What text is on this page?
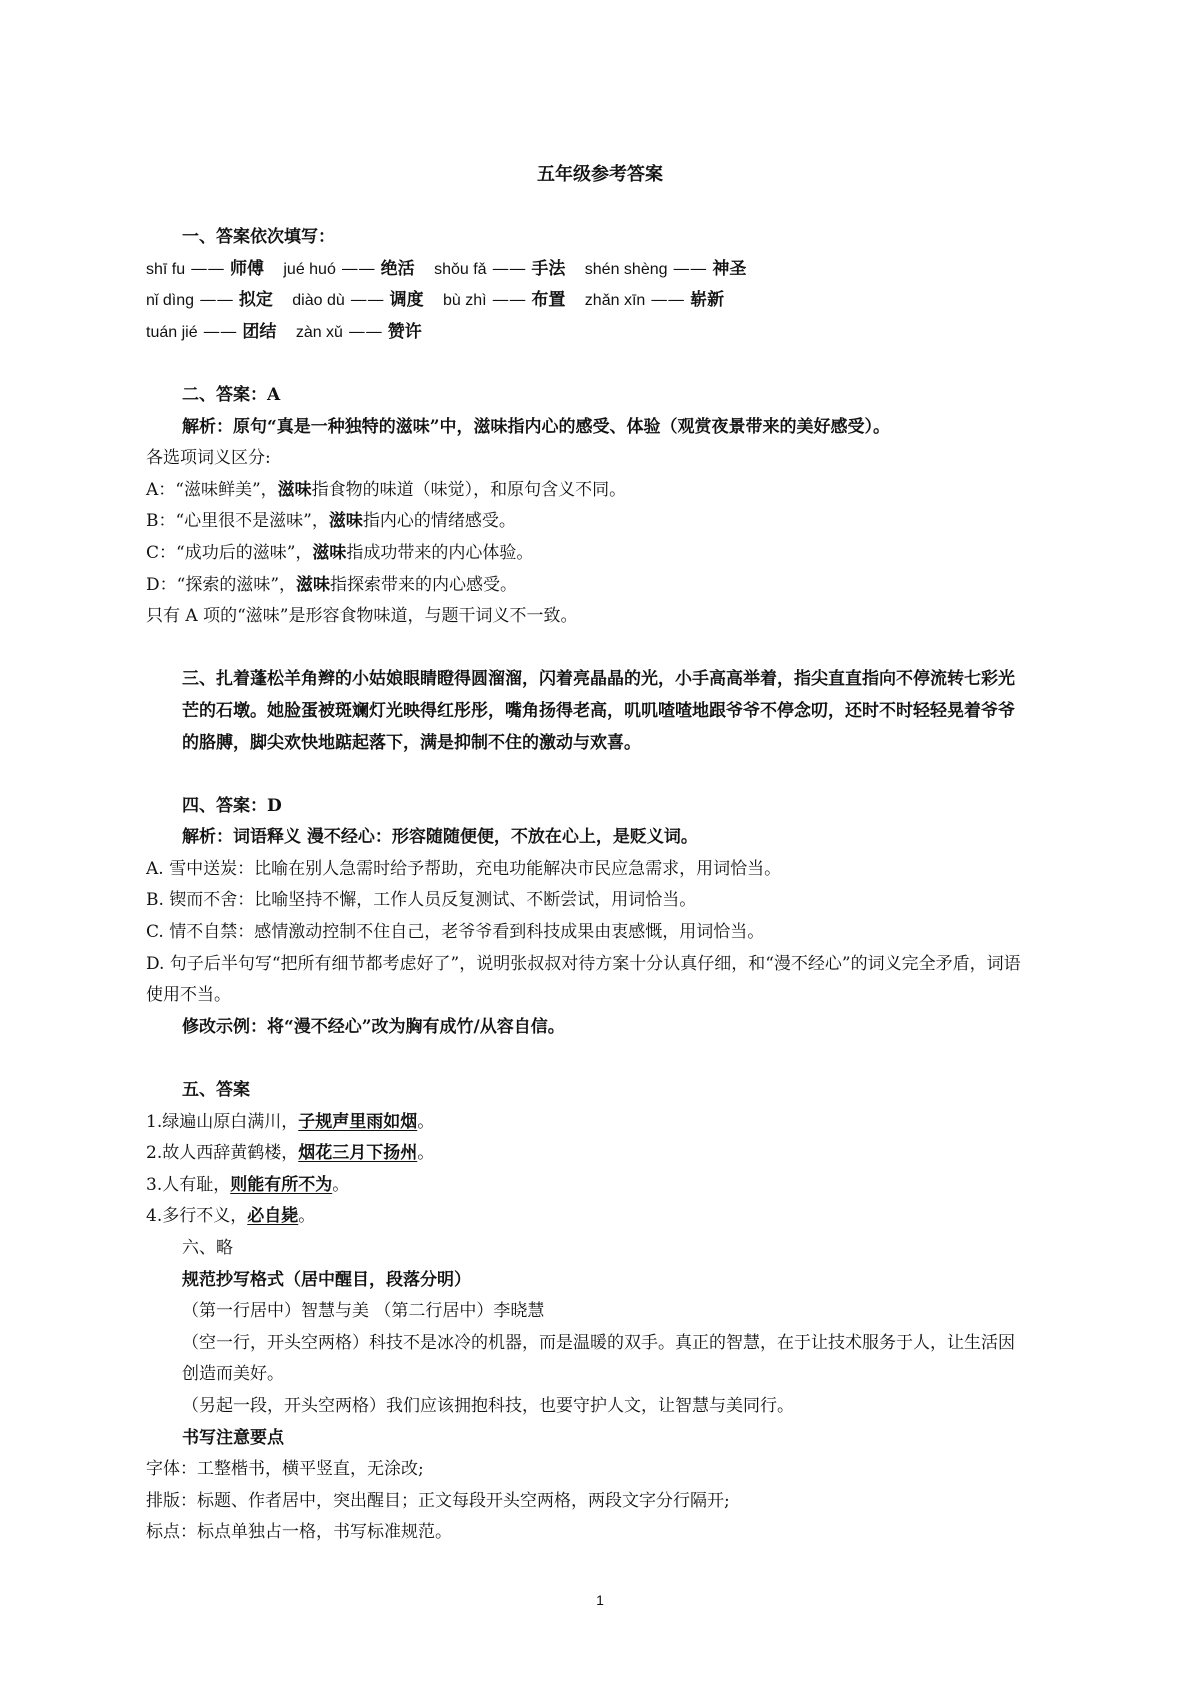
五年级参考答案
一、答案依次填写：
shī fu —— 师傅 jué huó —— 绝活 shǒu fǎ —— 手法 shén shèng —— 神圣
nǐ dìng —— 拟定 diào dù —— 调度 bù zhì —— 布置 zhǎn xīn —— 崭新
tuán jié —— 团结 zàn xǔ —— 赞许
二、答案：A
解析：原句“真是一种独特的滋味”中，滋味指内心的感受、体验（观赏夜景带来的美好感受）。
各选项词义区分:
A：“滋味鲜美”，滋味指食物的味道（味觉），和原句含义不同。
B：“心里很不是滋味”，滋味指内心的情绪感受。
C：“成功后的滋味”，滋味指成功带来的内心体验。
D：“探索的滋味”，滋味指探索带来的内心感受。
只有 A 项的“滋味”是形容食物味道，与题干词义不一致。
三、扎着蓬松羊角辫的小姑娘眼睛瞪得圆溜溜，闪着亮晶晶的光，小手高高举着，指尖直直指向不停流转七彩光芒的石墩。她脸蛋被斑斓灯光映得红彤彤，嘴角扬得老高，叽叽喳喳地跟爷爷不停念叨，还时不时轻轻晃着爷爷的胳膊，脚尖欢快地踮起落下，满是抑制不住的激动与欢喜。
四、答案：D
解析：词语释义 漫不经心：形容随随便便，不放在心上，是贬义词。
A. 雪中送炭：比喻在别人急需时给予帮助，充电功能解决市民应急需求，用词恰当。
B. 锲而不舍：比喻坚持不懈，工作人员反复测试、不断尝试，用词恰当。
C. 情不自禁：感情激动控制不住自己，老爷爷看到科技成果由衷感慨，用词恰当。
D. 句子后半句写“把所有细节都考虑好了”，说明张叔叔对待方案十分认真仔细，和“漫不经心”的词义完全矛盾，词语使用不当。
修改示例：将“漫不经心”改为胸有成竹/从容自信。
五、答案
1.绿遍山原白满川，子规声里雨如烟。
2.故人西辞黄鹤楼，烟花三月下扬州。
3.人有耻，则能有所不为。
4.多行不义，必自毙。
六、略
规范抄写格式（居中醒目，段落分明）
（第一行居中）智慧与美 （第二行居中）李晓慧
（空一行，开头空两格）科技不是冰冷的机器，而是温暖的双手。真正的智慧，在于让技术服务于人，让生活因创造而美好。
（另起一段，开头空两格）我们应该拥抱科技，也要守护人文，让智慧与美同行。
书写注意要点
字体：工整楷书，横平竖直，无涂改;
排版：标题、作者居中，突出醒目；正文每段开头空两格，两段文字分行隔开;
标点：标点单独占一格，书写标准规范。
1
